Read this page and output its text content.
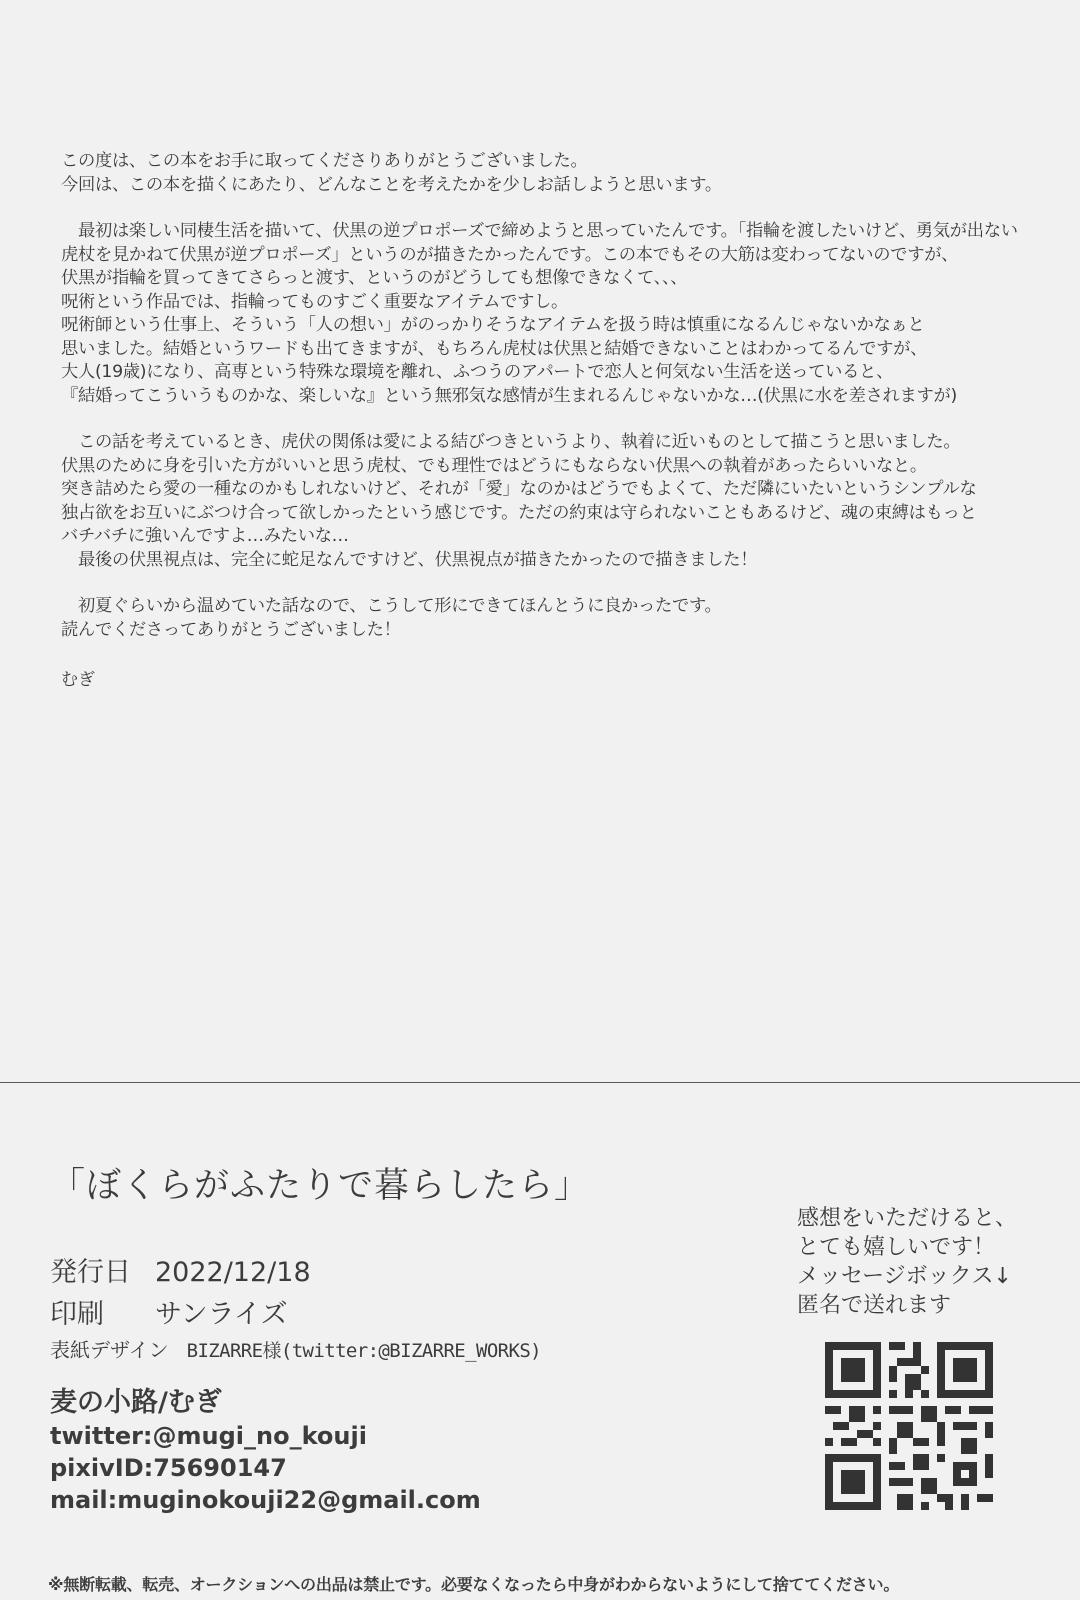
この度は、この本をお手に取ってくださりありがとうございました。
今回は、この本を描くにあたり、どんなことを考えたかを少しお話しようと思います。
　最初は楽しい同棲生活を描いて、伏黒の逆プロポーズで締めようと思っていたんです。「指輪を渡したいけど、勇気が出ない
虎杖を見かねて伏黒が逆プロポーズ」というのが描きたかったんです。この本でもその大筋は変わってないのですが、
伏黒が指輪を買ってきてさらっと渡す、というのがどうしても想像できなくて、、、
呪術という作品では、指輪ってものすごく重要なアイテムですし。
呪術師という仕事上、そういう「人の想い」がのっかりそうなアイテムを扱う時は慎重になるんじゃないかなぁと
思いました。結婚というワードも出てきますが、もちろん虎杖は伏黒と結婚できないことはわかってるんですが、
大人(19歳)になり、高専という特殊な環境を離れ、ふつうのアパートで恋人と何気ない生活を送っていると、
『結婚ってこういうものかな、楽しいな』という無邪気な感情が生まれるんじゃないかな…(伏黒に水を差されますが)
　この話を考えているとき、虎伏の関係は愛による結びつきというより、執着に近いものとして描こうと思いました。
伏黒のために身を引いた方がいいと思う虎杖、でも理性ではどうにもならない伏黒への執着があったらいいなと。
突き詰めたら愛の一種なのかもしれないけど、それが「愛」なのかはどうでもよくて、ただ隣にいたいというシンプルな
独占欲をお互いにぶつけ合って欲しかったという感じです。ただの約束は守られないこともあるけど、魂の束縛はもっと
バチバチに強いんですよ…みたいな…
　最後の伏黒視点は、完全に蛇足なんですけど、伏黒視点が描きたかったので描きました！
　初夏ぐらいから温めていた話なので、こうして形にできてほんとうに良かったです。
読んでくださってありがとうございました！
むぎ
「ぼくらがふたりで暮らしたら」
発行日 2022/12/18
印刷 サンライズ
表紙デザイン BIZARRE様(twitter:@BIZARRE_WORKS)
麦の小路/むぎ
twitter:@mugi_no_kouji
pixivID:75690147
mail:muginokouji22@gmail.com
感想をいただけると、
とても嬉しいです！
メッセージボックス↓
匿名で送れます
※無断転載、転売、オークションへの出品は禁止です。必要なくなったら中身がわからないようにして捨ててください。
